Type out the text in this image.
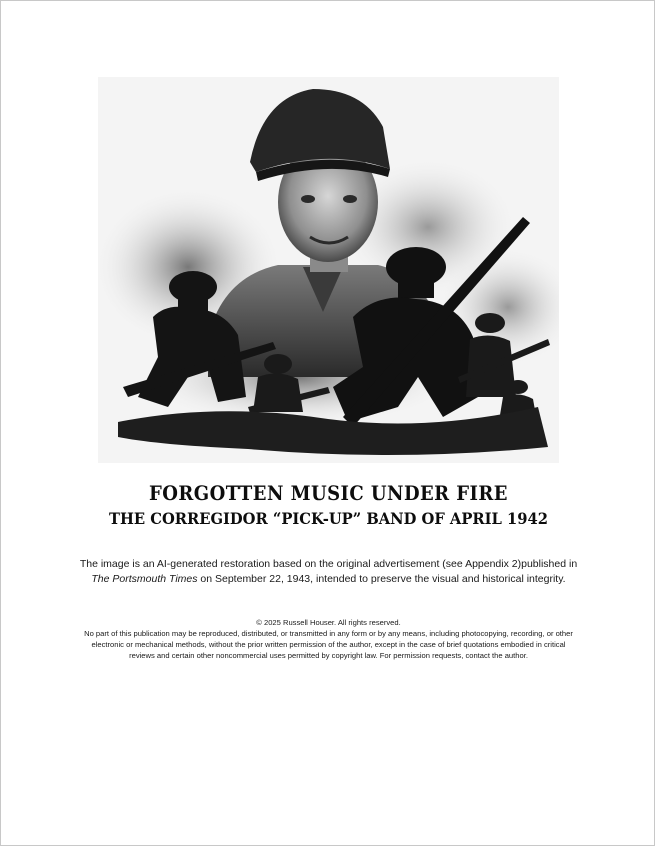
FORGOTTEN MUSIC UNDER FIRE
THE CORREGIDOR “PICK-UP” BAND OF APRIL 1942
The image is an AI-generated restoration based on the original advertisement (see Appendix 2)published in The Portsmouth Times on September 22, 1943, intended to preserve the visual and historical integrity.
© 2025 Russell Houser. All rights reserved.
No part of this publication may be reproduced, distributed, or transmitted in any form or by any means, including photocopying, recording, or other electronic or mechanical methods, without the prior written permission of the author, except in the case of brief quotations embodied in critical reviews and certain other noncommercial uses permitted by copyright law. For permission requests, contact the author.
